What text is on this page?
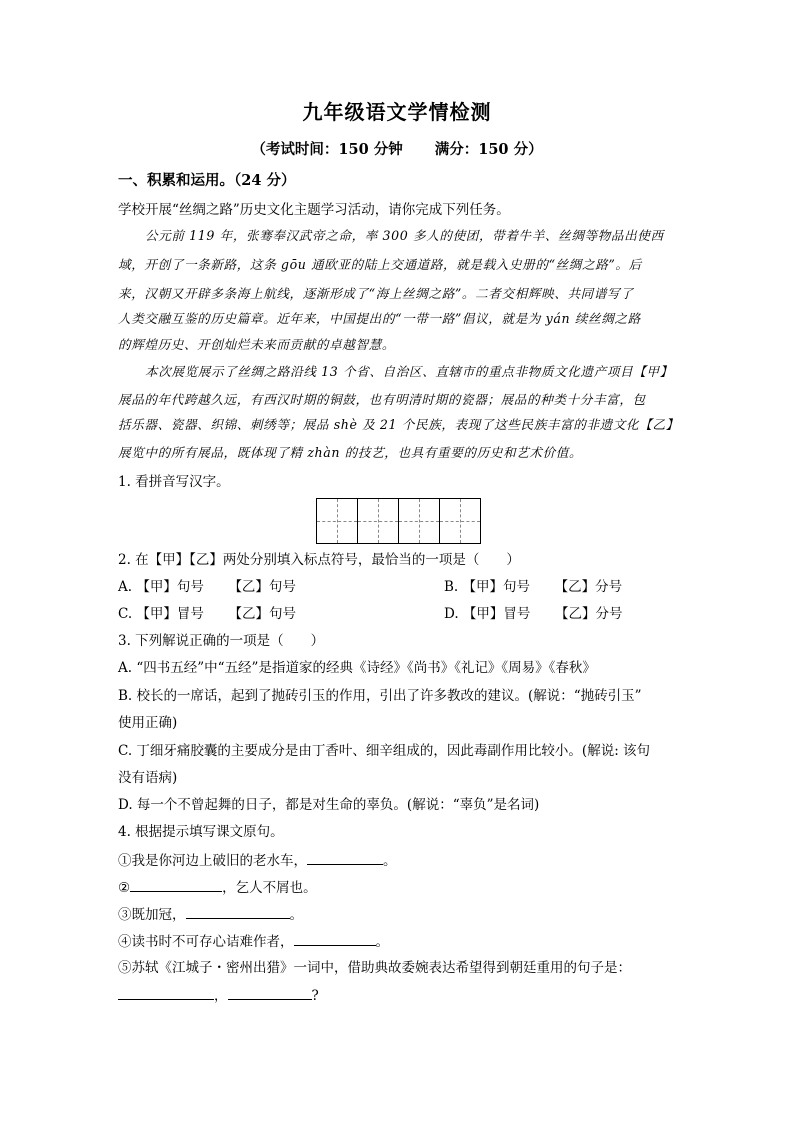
九年级语文学情检测
（考试时间：150 分钟 满分：150 分）
一、积累和运用。（24 分）
学校开展“丝绸之路”历史文化主题学习活动，请你完成下列任务。
公元前 119 年，张骞奉汉武帝之命，率 300 多人的使团，带着牛羊、丝绸等物品出使西
域，开创了一条新路，这条 gōu 通欧亚的陆上交通道路，就是载入史册的“丝绸之路”。后
来，汉朝又开辟多条海上航线，逐渐形成了“海上丝绸之路”。二者交相辉映、共同谱写了
人类交融互鉴的历史篇章。近年来，中国提出的“一带一路”倡议，就是为 yán 续丝绸之路
的辉煌历史、开创灿烂未来而贡献的卓越智慧。
本次展览展示了丝绸之路沿线 13 个省、自治区、直辖市的重点非物质文化遗产项目【甲】
展品的年代跨越久远，有西汉时期的铜鼓，也有明清时期的瓷器；展品的种类十分丰富，包
括乐器、瓷器、织锦、刺绣等；展品 shè 及 21 个民族，表现了这些民族丰富的非遗文化【乙】
展览中的所有展品，既体现了精 zhàn 的技艺，也具有重要的历史和艺术价值。
1. 看拼音写汉字。
2. 在【甲】【乙】两处分别填入标点符号，最恰当的一项是（　　）
A. 【甲】句号 【乙】句号	B. 【甲】句号 【乙】分号
C. 【甲】冒号 【乙】句号	D. 【甲】冒号 【乙】分号
3. 下列解说正确的一项是（　　）
A. “四书五经”中“五经”是指道家的经典《诗经》《尚书》《礼记》《周易》《春秋》
B. 校长的一席话，起到了抛砖引玉的作用，引出了许多教改的建议。(解说：“抛砖引玉”
使用正确)
C. 丁细牙痛胶囊的主要成分是由丁香叶、细辛组成的，因此毒副作用比较小。(解说: 该句
没有语病)
D. 每一个不曾起舞的日子，都是对生命的辜负。(解说：“辜负”是名词)
4. 根据提示填写课文原句。
①我是你河边上破旧的老水车，	。
②	，乞人不屑也。
③既加冠，	。
④读书时不可存心诘难作者，	。
⑤苏轼《江城子・密州出猎》一词中，借助典故委婉表达希望得到朝廷重用的句子是：
，	?
